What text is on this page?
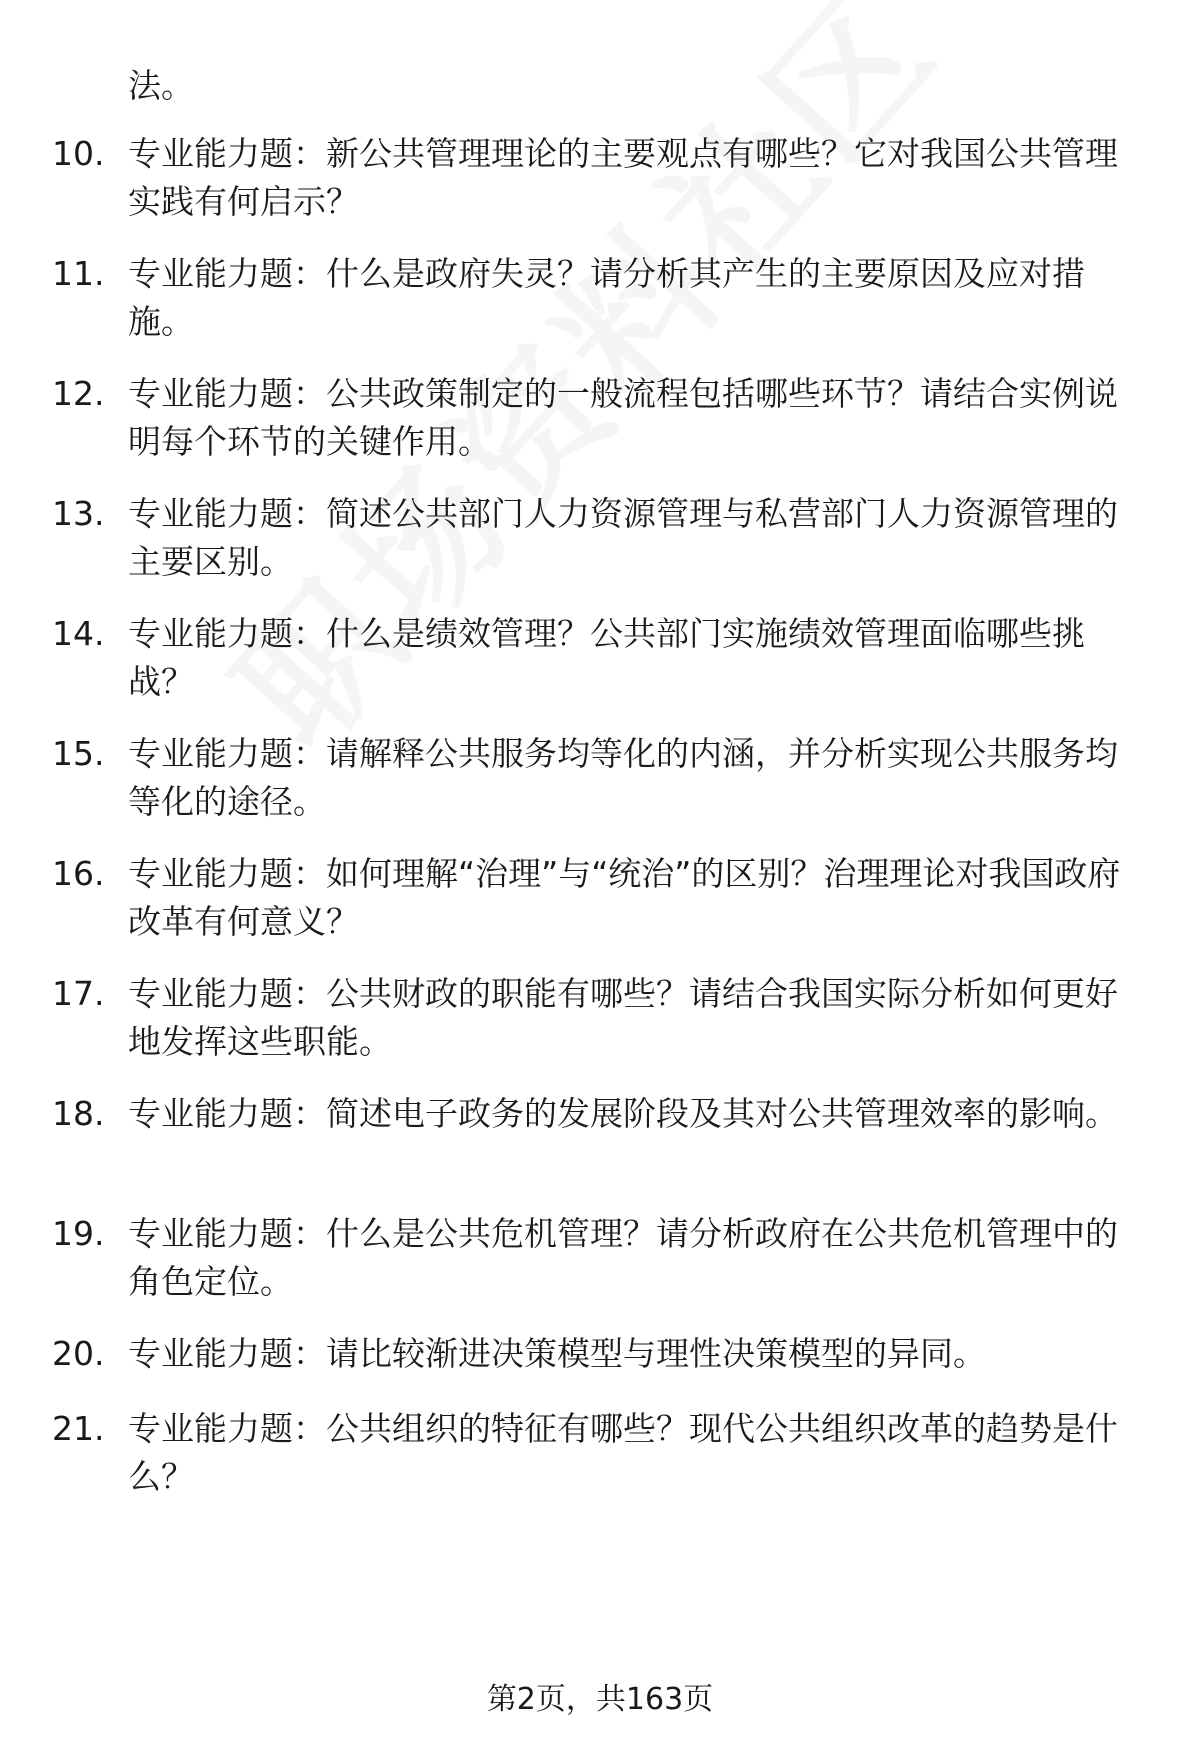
法。
10. 专业能力题：新公共管理理论的主要观点有哪些？它对我国公共管理实践有何启示？
11. 专业能力题：什么是政府失灵？请分析其产生的主要原因及应对措施。
12. 专业能力题：公共政策制定的一般流程包括哪些环节？请结合实例说明每个环节的关键作用。
13. 专业能力题：简述公共部门人力资源管理与私营部门人力资源管理的主要区别。
14. 专业能力题：什么是绩效管理？公共部门实施绩效管理面临哪些挑战？
15. 专业能力题：请解释公共服务均等化的内涵，并分析实现公共服务均等化的途径。
16. 专业能力题：如何理解“治理”与“统治”的区别？治理理论对我国政府改革有何意义？
17. 专业能力题：公共财政的职能有哪些？请结合我国实际分析如何更好地发挥这些职能。
18. 专业能力题：简述电子政务的发展阶段及其对公共管理效率的影响。
19. 专业能力题：什么是公共危机管理？请分析政府在公共危机管理中的角色定位。
20. 专业能力题：请比较渐进决策模型与理性决策模型的异同。
21. 专业能力题：公共组织的特征有哪些？现代公共组织改革的趋势是什么？
第2页，共163页
